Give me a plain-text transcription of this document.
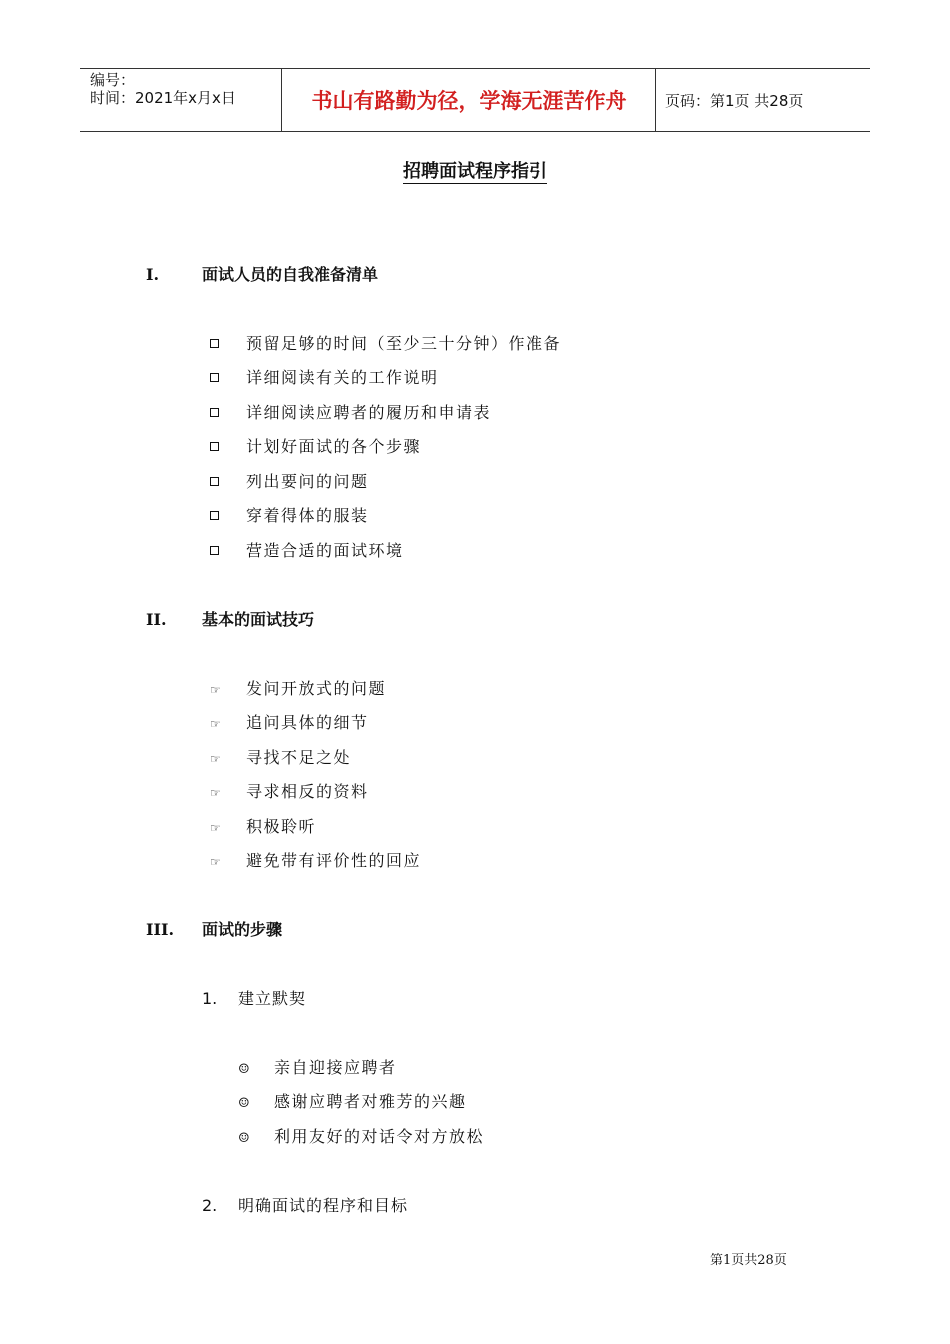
编号：
时间：2021年x月x日	书山有路勤为径，学海无涯苦作舟	页码：第1页 共28页
招聘面试程序指引
I.	面试人员的自我准备清单
预留足够的时间（至少三十分钟）作准备
详细阅读有关的工作说明
详细阅读应聘者的履历和申请表
计划好面试的各个步骤
列出要问的问题
穿着得体的服装
营造合适的面试环境
II. 基本的面试技巧
☞ 发问开放式的问题
☞ 追问具体的细节
☞ 寻找不足之处
☞ 寻求相反的资料
☞ 积极聆听
☞ 避免带有评价性的回应
III. 面试的步骤
1. 建立默契
☺ 亲自迎接应聘者
☺ 感谢应聘者对雅芳的兴趣
☺ 利用友好的对话令对方放松
2. 明确面试的程序和目标
第1页共28页
